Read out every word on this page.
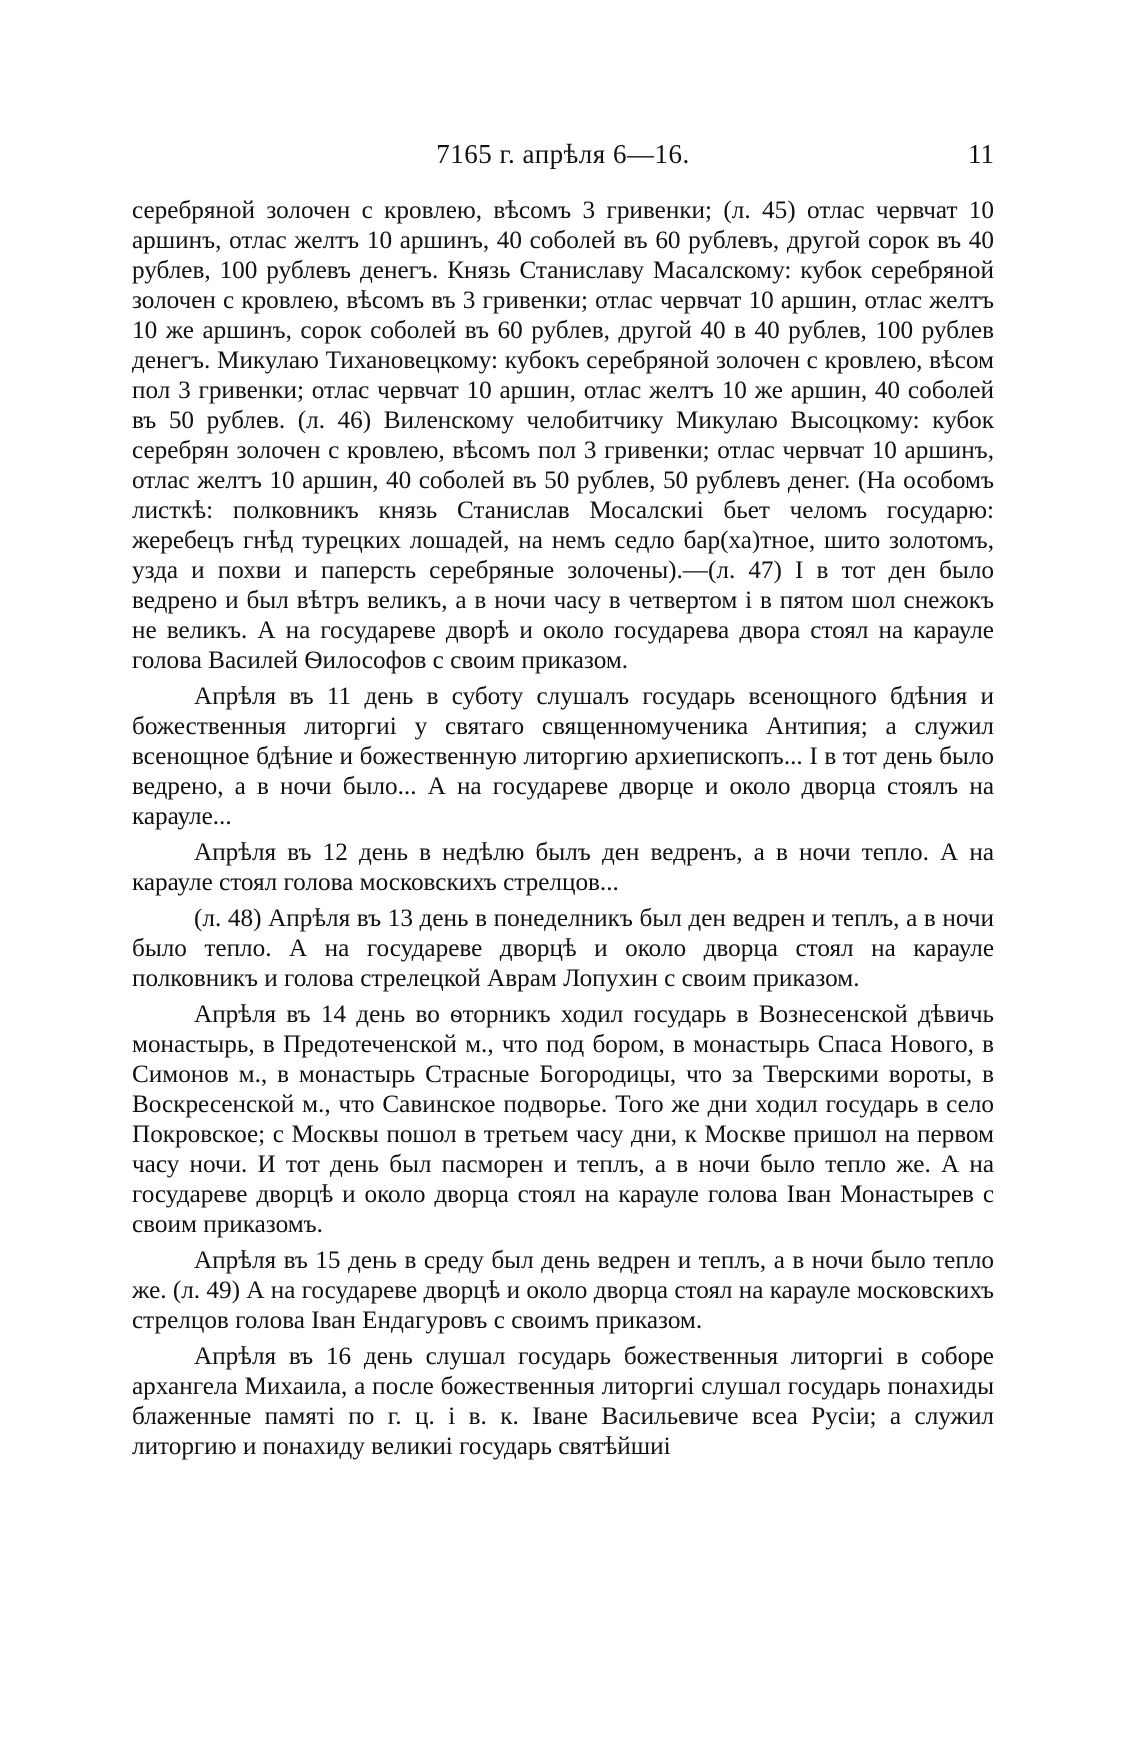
7165 г. апрѣля 6—16.	11

серебряной золочен с кровлею, вѣсомъ 3 гривенки; (л. 45) отлас червчат 10 аршинъ, отлас желтъ 10 аршинъ, 40 соболей въ 60 рублевъ, другой сорок въ 40 рублев, 100 рублевъ денегъ. Князь Станиславу Масалскому: кубок серебряной золочен с кровлею, вѣсомъ въ 3 гривенки; отлас червчат 10 аршин, отлас желтъ 10 же аршинъ, сорок соболей въ 60 рублев, другой 40 в 40 рублев, 100 рублев денегъ. Микулаю Тихановецкому: кубокъ серебряной золочен с кровлею, вѣсом пол 3 гривенки; отлас червчат 10 аршин, отлас желтъ 10 же аршин, 40 соболей въ 50 рублев. (л. 46) Виленскому челобитчику Микулаю Высоцкому: кубок серебрян золочен с кровлею, вѣсомъ пол 3 гривенки; отлас червчат 10 аршинъ, отлас желтъ 10 аршин, 40 соболей въ 50 рублев, 50 рублевъ денег. (На особомъ листкѣ: полковникъ князь Станислав Мосалскиі бьет челомъ государю: жеребецъ гнѣд турецких лошадей, на немъ седло бар(ха)тное, шито золотомъ, узда и похви и паперсть серебряные золочены).—(л. 47) I в тот ден было ведрено и был вѣтръ великъ, а в ночи часу в четвертом і в пятом шол снежокъ не великъ. А на государеве дворѣ и около государева двора стоял на карауле голова Василей Ѳилософов с своим приказом.

Апрѣля въ 11 день в суботу слушалъ государь всенощного бдѣния и божественныя литоргиі у святаго священномученика Антипия; а служил всенощное бдѣние и божественную литоргию архиепископъ... I в тот день было ведрено, а в ночи было... А на государеве дворце и около дворца стоялъ на карауле...

Апрѣля въ 12 день в недѣлю былъ ден ведренъ, а в ночи тепло. А на карауле стоял голова московскихъ стрелцов...

(л. 48) Апрѣля въ 13 день в понеделникъ был ден ведрен и теплъ, а в ночи было тепло. А на государеве дворцѣ и около дворца стоял на карауле полковникъ и голова стрелецкой Аврам Лопухин с своим приказом.

Апрѣля въ 14 день во ѳторникъ ходил государь в Вознесенской дѣвичь монастырь, в Предотеченской м., что под бором, в монастырь Спаса Нового, в Симонов м., в монастырь Страсные Богородицы, что за Тверскими вороты, в Воскресенской м., что Савинское подворье. Того же дни ходил государь в село Покровское; с Москвы пошол в третьем часу дни, к Москве пришол на первом часу ночи. И тот день был пасморен и теплъ, а в ночи было тепло же. А на государеве дворцѣ и около дворца стоял на карауле голова Іван Монастырев с своим приказомъ.

Апрѣля въ 15 день в среду был день ведрен и теплъ, а в ночи было тепло же. (л. 49) А на государеве дворцѣ и около дворца стоял на карауле московскихъ стрелцов голова Іван Ендагуровъ с своимъ приказом.

Апрѣля въ 16 день слушал государь божественныя литоргиі в соборе архангела Михаила, а после божественныя литоргиі слушал государь понахиды блаженные памяті по г. ц. і в. к. Іване Васильевиче всеа Русіи; а служил литоргию и понахиду великиі государь святѣйшиі
